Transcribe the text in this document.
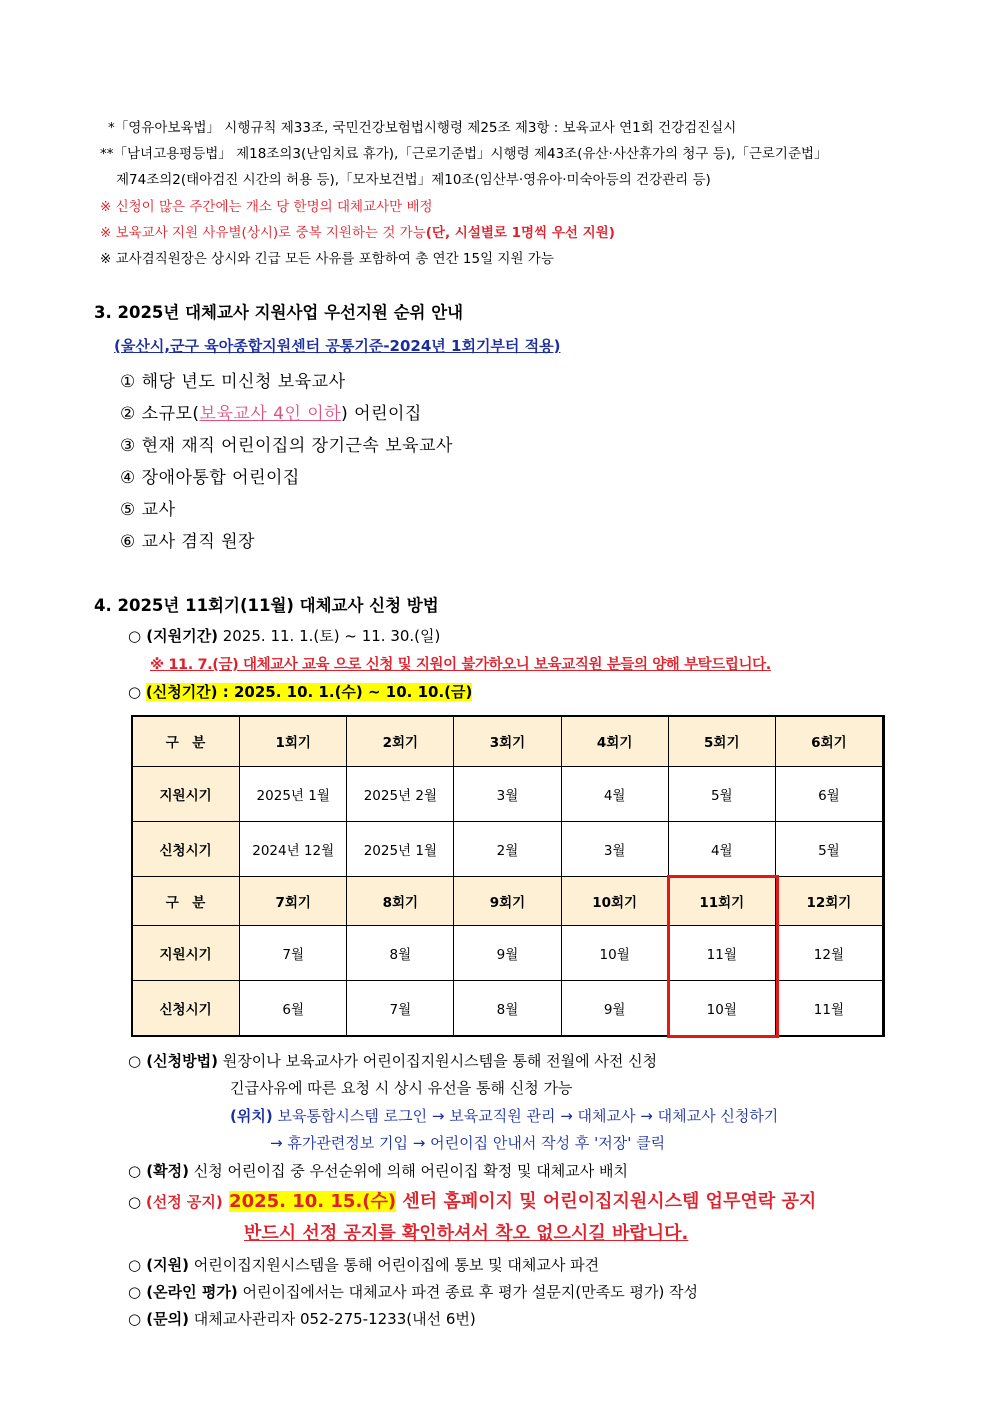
*「영유아보육법」 시행규칙 제33조, 국민건강보험법시행령 제25조 제3항 : 보육교사 연1회 건강검진실시
**「남녀고용평등법」 제18조의3(난임치료 휴가),「근로기준법」시행령 제43조(유산·사산휴가의 청구 등),「근로기준법」
제74조의2(태아검진 시간의 허용 등),「모자보건법」제10조(임산부·영유아·미숙아등의 건강관리 등)
※ 신청이 많은 주간에는 개소 당 한명의 대체교사만 배정
※ 보육교사 지원 사유별(상시)로 중복 지원하는 것 가능(단, 시설별로 1명씩 우선 지원)
※ 교사겸직원장은 상시와 긴급 모든 사유를 포함하여 총 연간 15일 지원 가능
3. 2025년 대체교사 지원사업 우선지원 순위 안내
(울산시,군구 육아종합지원센터 공통기준-2024년 1회기부터 적용)
① 해당 년도 미신청 보육교사
② 소규모(보육교사 4인 이하) 어린이집
③ 현재 재직 어린이집의 장기근속 보육교사
④ 장애아통합 어린이집
⑤ 교사
⑥ 교사 겸직 원장
4. 2025년 11회기(11월) 대체교사 신청 방법
○ (지원기간) 2025. 11. 1.(토) ~ 11. 30.(일)
※ 11. 7.(금) 대체교사 교육 으로 신청 및 지원이 불가하오니 보육교직원 분들의 양해 부탁드립니다.
○ (신청기간) : 2025. 10. 1.(수) ~ 10. 10.(금)
구　분	1회기	2회기	3회기	4회기	5회기	6회기
지원시기	2025년 1월	2025년 2월	3월	4월	5월	6월
신청시기	2024년 12월	2025년 1월	2월	3월	4월	5월
구　분	7회기	8회기	9회기	10회기	11회기	12회기
지원시기	7월	8월	9월	10월	11월	12월
신청시기	6월	7월	8월	9월	10월	11월
○ (신청방법) 원장이나 보육교사가 어린이집지원시스템을 통해 전월에 사전 신청
긴급사유에 따른 요청 시 상시 유선을 통해 신청 가능
(위치) 보육통합시스템 로그인 → 보육교직원 관리 → 대체교사 → 대체교사 신청하기
→ 휴가관련정보 기입 → 어린이집 안내서 작성 후 '저장' 클릭
○ (확정) 신청 어린이집 중 우선순위에 의해 어린이집 확정 및 대체교사 배치
○ (선정 공지) 2025. 10. 15.(수) 센터 홈페이지 및 어린이집지원시스템 업무연락 공지
반드시 선정 공지를 확인하셔서 착오 없으시길 바랍니다.
○ (지원) 어린이집지원시스템을 통해 어린이집에 통보 및 대체교사 파견
○ (온라인 평가) 어린이집에서는 대체교사 파견 종료 후 평가 설문지(만족도 평가) 작성
○ (문의) 대체교사관리자 052-275-1233(내선 6번)
